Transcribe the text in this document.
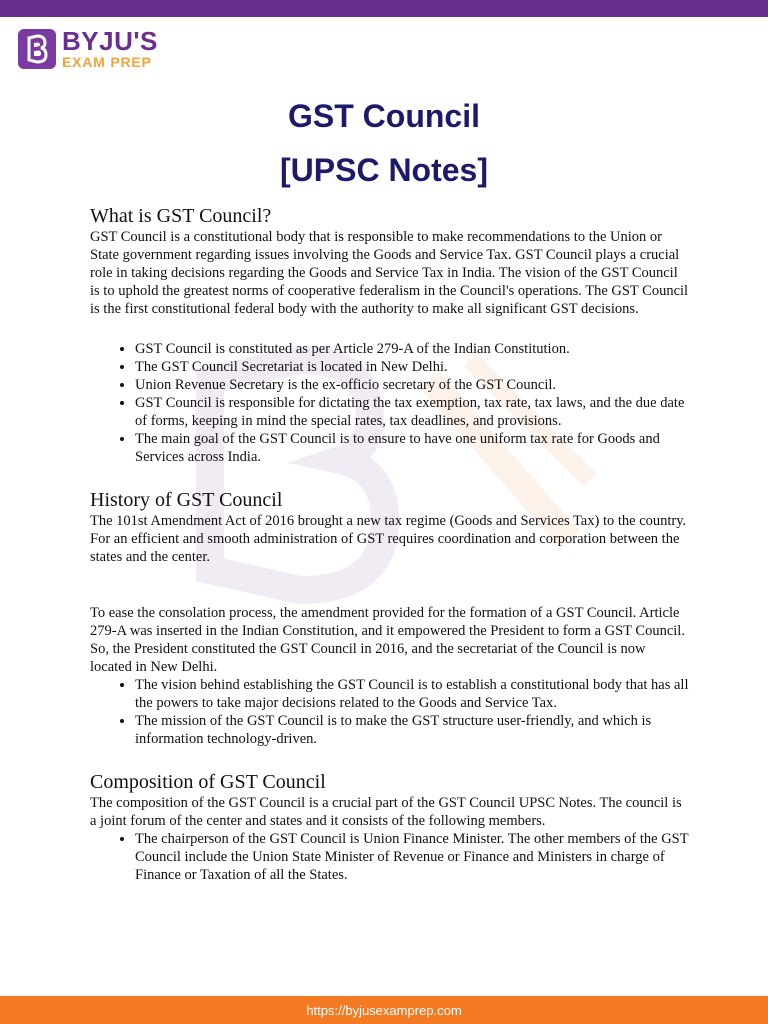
BYJU'S
EXAM PREP
GST Council
[UPSC Notes]
What is GST Council?

GST Council is a constitutional body that is responsible to make recommendations to the Union or State government regarding issues involving the Goods and Service Tax. GST Council plays a crucial role in taking decisions regarding the Goods and Service Tax in India. The vision of the GST Council is to uphold the greatest norms of cooperative federalism in the Council's operations. The GST Council is the first constitutional federal body with the authority to make all significant GST decisions.

• GST Council is constituted as per Article 279-A of the Indian Constitution.
• The GST Council Secretariat is located in New Delhi.
• Union Revenue Secretary is the ex-officio secretary of the GST Council.
• GST Council is responsible for dictating the tax exemption, tax rate, tax laws, and the due date of forms, keeping in mind the special rates, tax deadlines, and provisions.
• The main goal of the GST Council is to ensure to have one uniform tax rate for Goods and Services across India.
History of GST Council

The 101st Amendment Act of 2016 brought a new tax regime (Goods and Services Tax) to the country. For an efficient and smooth administration of GST requires coordination and corporation between the states and the center.

To ease the consolation process, the amendment provided for the formation of a GST Council. Article 279-A was inserted in the Indian Constitution, and it empowered the President to form a GST Council. So, the President constituted the GST Council in 2016, and the secretariat of the Council is now located in New Delhi.

• The vision behind establishing the GST Council is to establish a constitutional body that has all the powers to take major decisions related to the Goods and Service Tax.
• The mission of the GST Council is to make the GST structure user-friendly, and which is information technology-driven.
Composition of GST Council

The composition of the GST Council is a crucial part of the GST Council UPSC Notes. The council is a joint forum of the center and states and it consists of the following members.

• The chairperson of the GST Council is Union Finance Minister. The other members of the GST Council include the Union State Minister of Revenue or Finance and Ministers in charge of Finance or Taxation of all the States.
https://byjusexamprep.com
